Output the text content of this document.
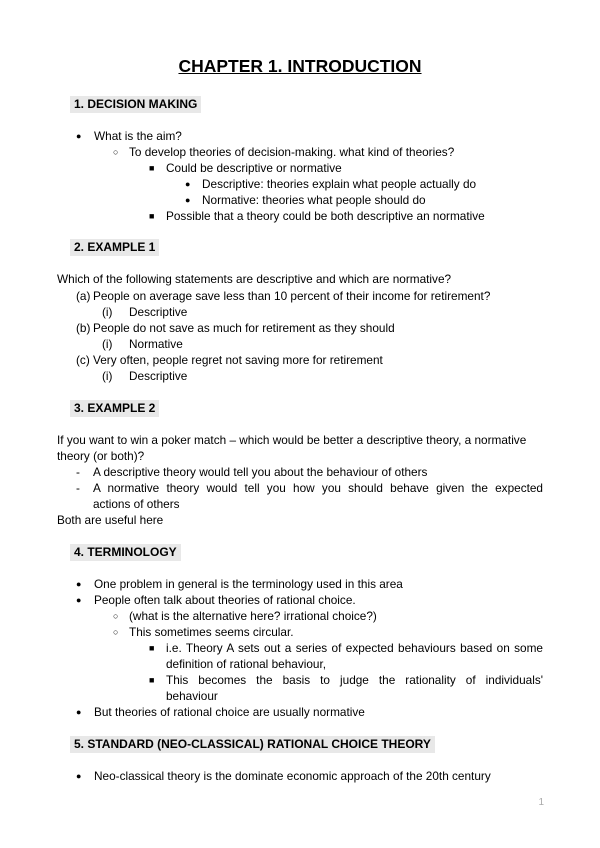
CHAPTER 1. INTRODUCTION
1. DECISION MAKING
● What is the aim?
○ To develop theories of decision-making. what kind of theories?
■ Could be descriptive or normative
● Descriptive: theories explain what people actually do
● Normative: theories what people should do
■ Possible that a theory could be both descriptive an normative
2. EXAMPLE 1
Which of the following statements are descriptive and which are normative?
(a) People on average save less than 10 percent of their income for retirement?
(i) Descriptive
(b) People do not save as much for retirement as they should
(i) Normative
(c) Very often, people regret not saving more for retirement
(i) Descriptive
3. EXAMPLE 2
If you want to win a poker match – which would be better a descriptive theory, a normative
theory (or both)?
- A descriptive theory would tell you about the behaviour of others
- A normative theory would tell you how you should behave given the expected
actions of others
Both are useful here
4. TERMINOLOGY
● One problem in general is the terminology used in this area
● People often talk about theories of rational choice.
○ (what is the alternative here? irrational choice?)
○ This sometimes seems circular.
■ i.e. Theory A sets out a series of expected behaviours based on some
definition of rational behaviour,
■ This becomes the basis to judge the rationality of individuals'
behaviour
● But theories of rational choice are usually normative
5. STANDARD (NEO-CLASSICAL) RATIONAL CHOICE THEORY
● Neo-classical theory is the dominate economic approach of the 20th century
1
